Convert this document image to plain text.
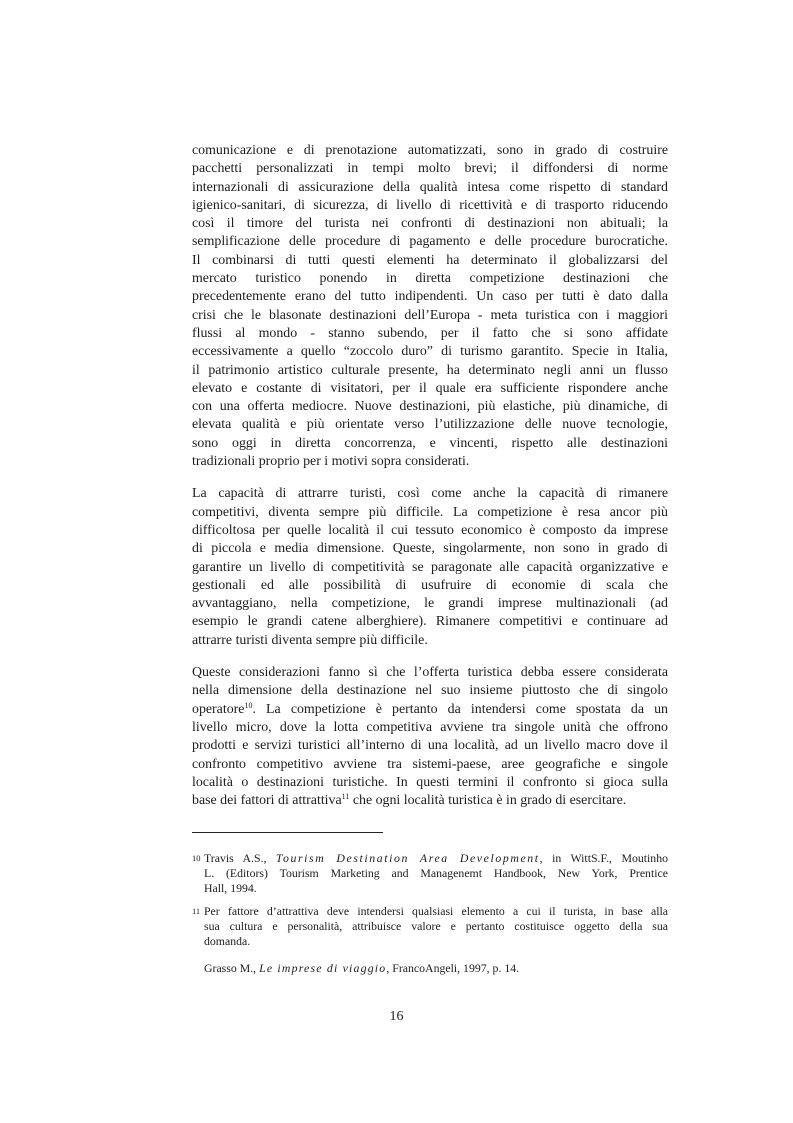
comunicazione e di prenotazione automatizzati, sono in grado di costruire
pacchetti personalizzati in tempi molto brevi; il diffondersi di norme
internazionali di assicurazione della qualità intesa come rispetto di standard
igienico-sanitari, di sicurezza, di livello di ricettività e di trasporto riducendo
così il timore del turista nei confronti di destinazioni non abituali; la
semplificazione delle procedure di pagamento e delle procedure burocratiche.
Il combinarsi di tutti questi elementi ha determinato il globalizzarsi del
mercato turistico ponendo in diretta competizione destinazioni che
precedentemente erano del tutto indipendenti. Un caso per tutti è dato dalla
crisi che le blasonate destinazioni dell’Europa - meta turistica con i maggiori
flussi al mondo - stanno subendo, per il fatto che si sono affidate
eccessivamente a quello “zoccolo duro” di turismo garantito. Specie in Italia,
il patrimonio artistico culturale presente, ha determinato negli anni un flusso
elevato e costante di visitatori, per il quale era sufficiente rispondere anche
con una offerta mediocre. Nuove destinazioni, più elastiche, più dinamiche, di
elevata qualità e più orientate verso l’utilizzazione delle nuove tecnologie,
sono oggi in diretta concorrenza, e vincenti, rispetto alle destinazioni
tradizionali proprio per i motivi sopra considerati.

La capacità di attrarre turisti, così come anche la capacità di rimanere
competitivi, diventa sempre più difficile. La competizione è resa ancor più
difficoltosa per quelle località il cui tessuto economico è composto da imprese
di piccola e media dimensione. Queste, singolarmente, non sono in grado di
garantire un livello di competitività se paragonate alle capacità organizzative e
gestionali ed alle possibilità di usufruire di economie di scala che
avvantaggiano, nella competizione, le grandi imprese multinazionali (ad
esempio le grandi catene alberghiere). Rimanere competitivi e continuare ad
attrarre turisti diventa sempre più difficile.

Queste considerazioni fanno sì che l’offerta turistica debba essere considerata
nella dimensione della destinazione nel suo insieme piuttosto che di singolo
operatore$^{10}$. La competizione è pertanto da intendersi come spostata da un
livello micro, dove la lotta competitiva avviene tra singole unità che offrono
prodotti e servizi turistici all’interno di una località, ad un livello macro dove il
confronto competitivo avviene tra sistemi-paese, aree geografiche e singole
località o destinazioni turistiche. In questi termini il confronto si gioca sulla
base dei fattori di attrattiva$^{11}$ che ogni località turistica è in grado di esercitare.

10 Travis A.S., Tourism Destination Area Development, in WittS.F., Moutinho
L. (Editors) Tourism Marketing and Managenemt Handbook, New York, Prentice
Hall, 1994.
11 Per fattore d’attrattiva deve intendersi qualsiasi elemento a cui il turista, in base alla
sua cultura e personalità, attribuisce valore e pertanto costituisce oggetto della sua
domanda.
Grasso M., Le imprese di viaggio, FrancoAngeli, 1997, p. 14.
16
